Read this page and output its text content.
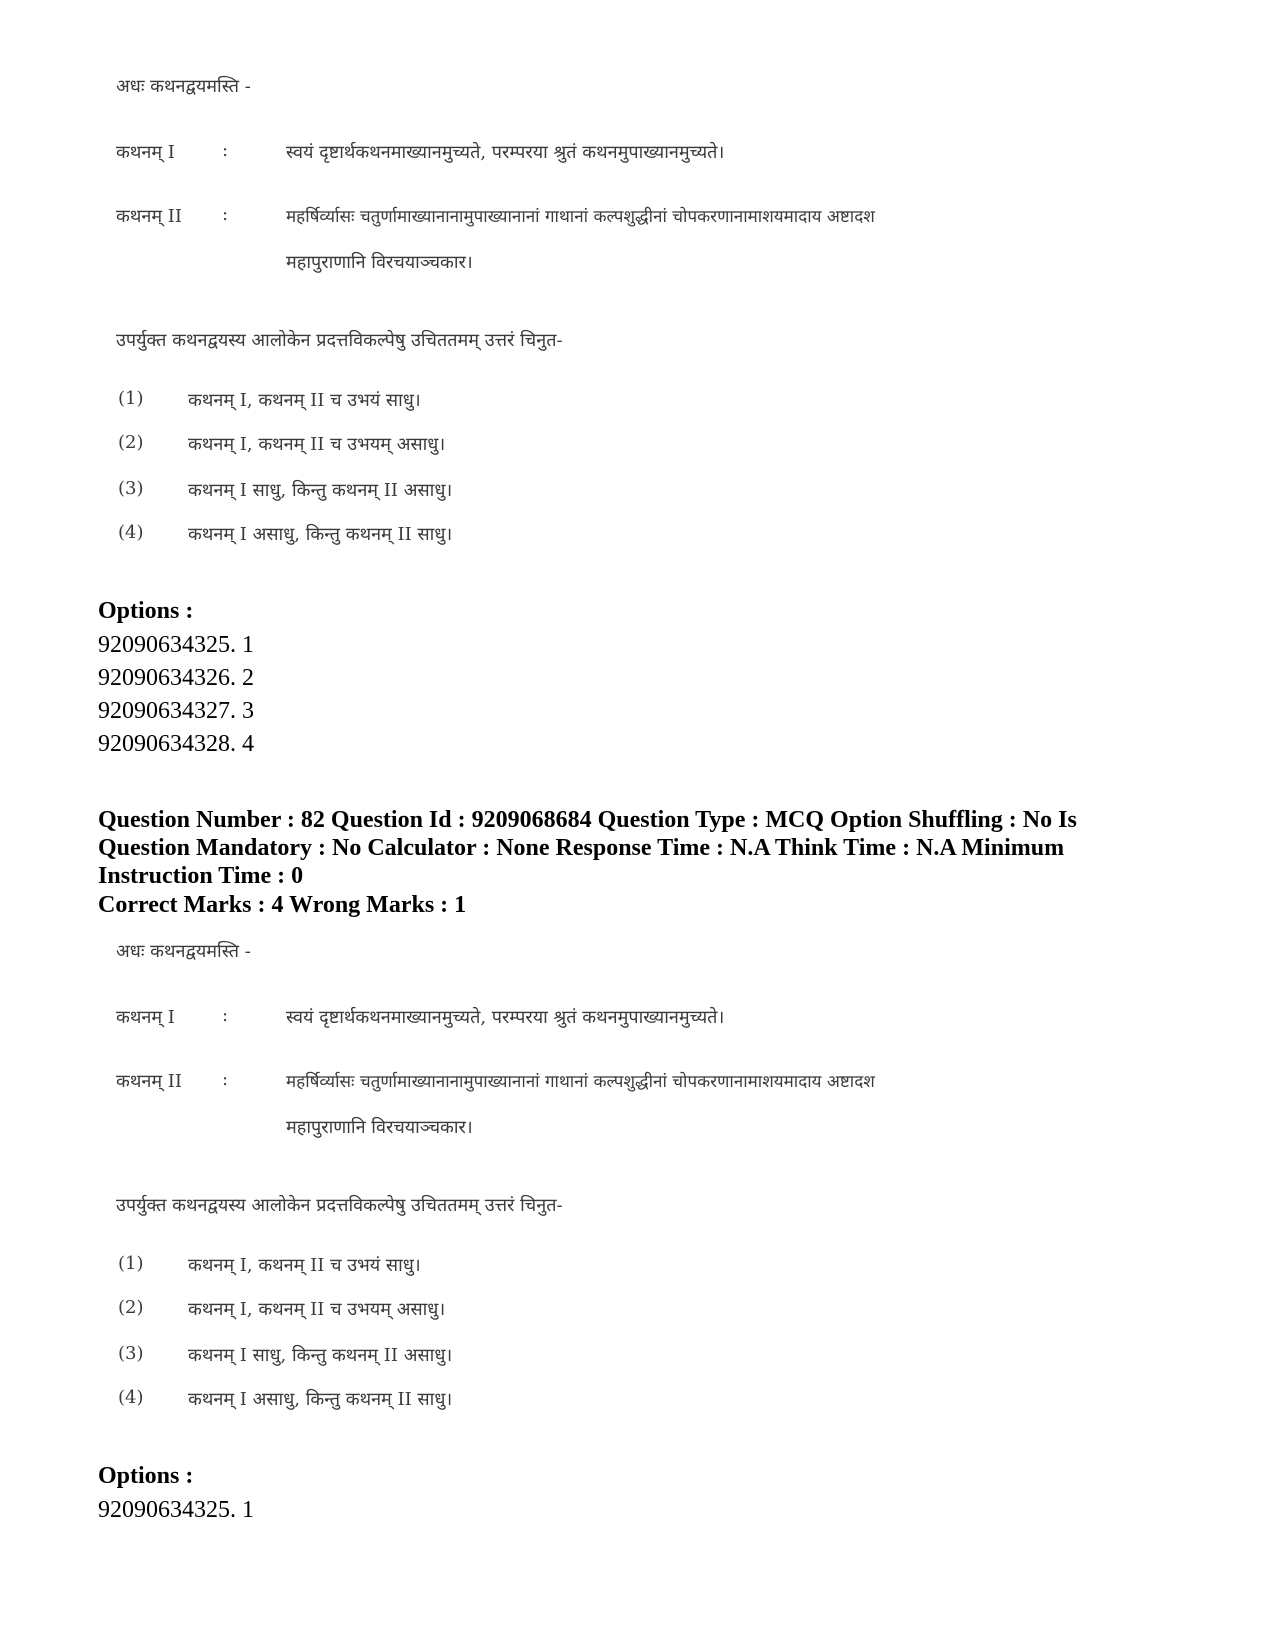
अधः कथनद्वयमस्ति -
कथनम् I	:	स्वयं दृष्टार्थकथनमाख्यानमुच्यते, परम्परया श्रुतं कथनमुपाख्यानमुच्यते।
कथनम् II :	महर्षिर्व्यासः चतुर्णामाख्यानानामुपाख्यानानां गाथानां कल्पशुद्धीनां चोपकरणानामाशयमादाय अष्टादश
महापुराणानि विरचयाञ्चकार।
उपर्युक्त कथनद्वयस्य आलोकेन प्रदत्तविकल्पेषु उचिततमम् उत्तरं चिनुत-
(1) कथनम् I, कथनम् II च उभयं साधु।
(2) कथनम् I, कथनम् II च उभयम् असाधु।
(3) कथनम् I साधु, किन्तु कथनम् II असाधु।
(4) कथनम् I असाधु, किन्तु कथनम् II साधु।
Options :
92090634325. 1
92090634326. 2
92090634327. 3
92090634328. 4
Question Number : 82 Question Id : 9209068684 Question Type : MCQ Option Shuffling : No Is
Question Mandatory : No Calculator : None Response Time : N.A Think Time : N.A Minimum
Instruction Time : 0
Correct Marks : 4 Wrong Marks : 1
अधः कथनद्वयमस्ति -
कथनम् I	:	स्वयं दृष्टार्थकथनमाख्यानमुच्यते, परम्परया श्रुतं कथनमुपाख्यानमुच्यते।
कथनम् II :	महर्षिर्व्यासः चतुर्णामाख्यानानामुपाख्यानानां गाथानां कल्पशुद्धीनां चोपकरणानामाशयमादाय अष्टादश
महापुराणानि विरचयाञ्चकार।
उपर्युक्त कथनद्वयस्य आलोकेन प्रदत्तविकल्पेषु उचिततमम् उत्तरं चिनुत-
(1) कथनम् I, कथनम् II च उभयं साधु।
(2) कथनम् I, कथनम् II च उभयम् असाधु।
(3) कथनम् I साधु, किन्तु कथनम् II असाधु।
(4) कथनम् I असाधु, किन्तु कथनम् II साधु।
Options :
92090634325. 1
